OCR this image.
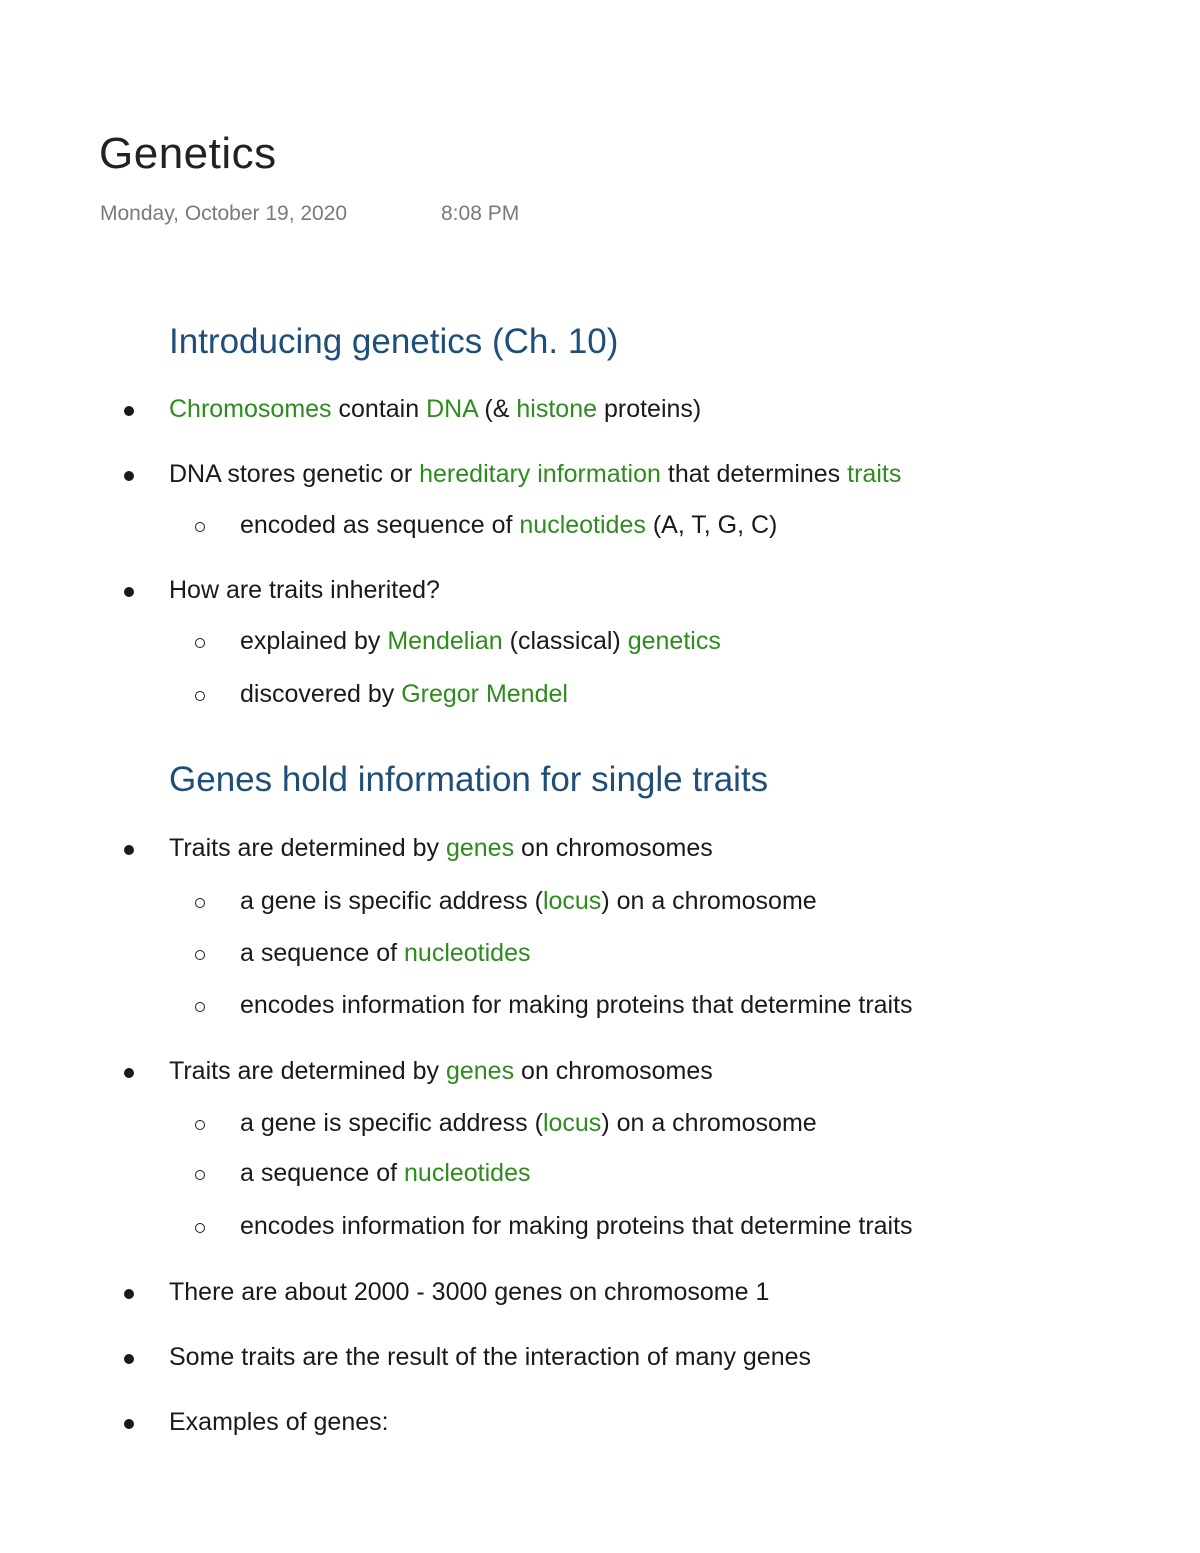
Genetics
Monday, October 19, 2020	8:08 PM
Introducing genetics (Ch. 10)
Chromosomes contain DNA (& histone proteins)
DNA stores genetic or hereditary information that determines traits
encoded as sequence of nucleotides (A, T, G, C)
How are traits inherited?
explained by Mendelian (classical) genetics
discovered by Gregor Mendel
Genes hold information for single traits
Traits are determined by genes on chromosomes
a gene is specific address (locus) on a chromosome
a sequence of nucleotides
encodes information for making proteins that determine traits
Traits are determined by genes on chromosomes
a gene is specific address (locus) on a chromosome
a sequence of nucleotides
encodes information for making proteins that determine traits
There are about 2000 - 3000 genes on chromosome 1
Some traits are the result of the interaction of many genes
Examples of genes:
